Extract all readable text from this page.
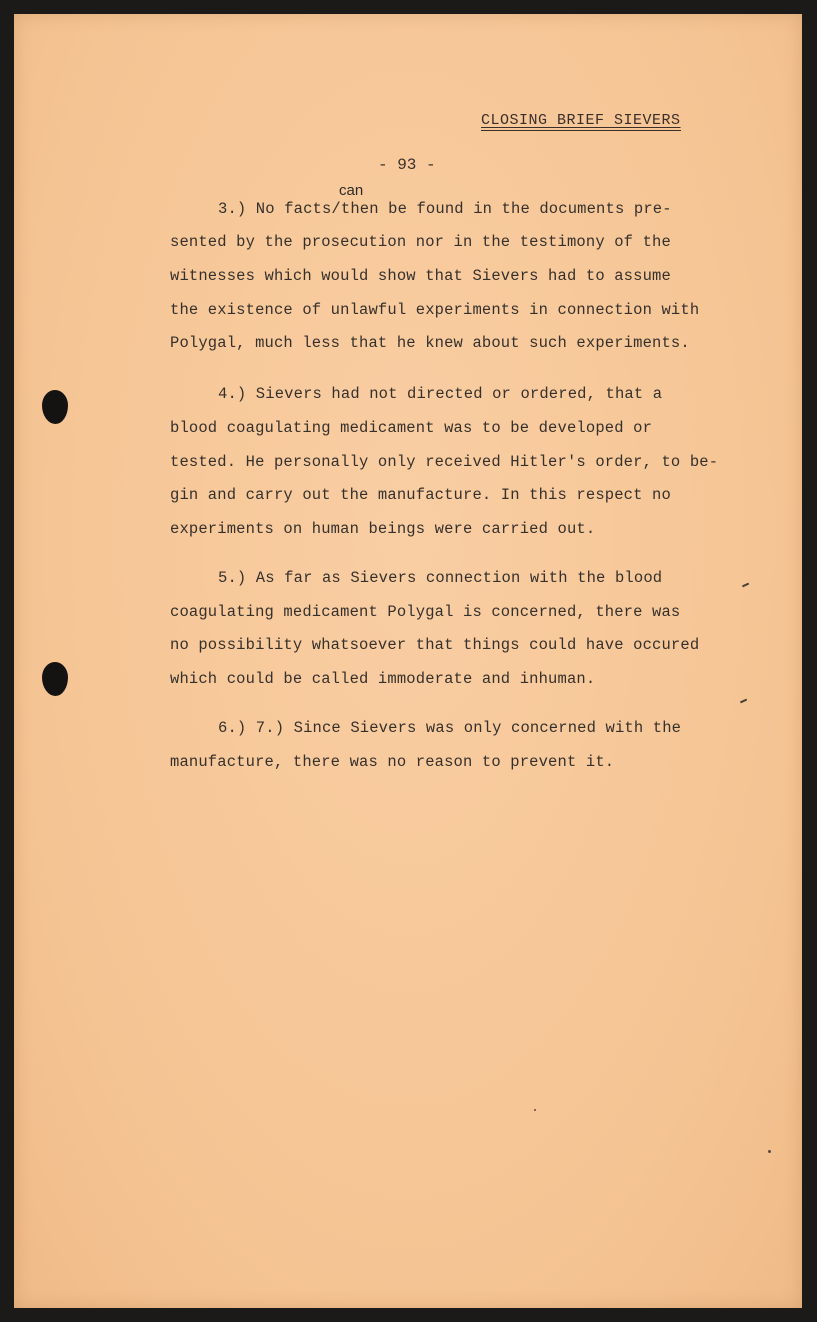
CLOSING BRIEF SIEVERS
- 93 -
can
3.) No facts/then be found in the documents pre-
sented by the prosecution nor in the testimony of the
witnesses which would show that Sievers had to assume
the existence of unlawful experiments in connection with
Polygal, much less that he knew about such experiments.
4.) Sievers had not directed or ordered, that a
blood coagulating medicament was to be developed or
tested. He personally only received Hitler's order, to be-
gin and carry out the manufacture. In this respect no
experiments on human beings were carried out.
5.) As far as Sievers connection with the blood
coagulating medicament Polygal is concerned, there was
no possibility whatsoever that things could have occured
which could be called immoderate and inhuman.
6.) 7.) Since Sievers was only concerned with the
manufacture, there was no reason to prevent it.
